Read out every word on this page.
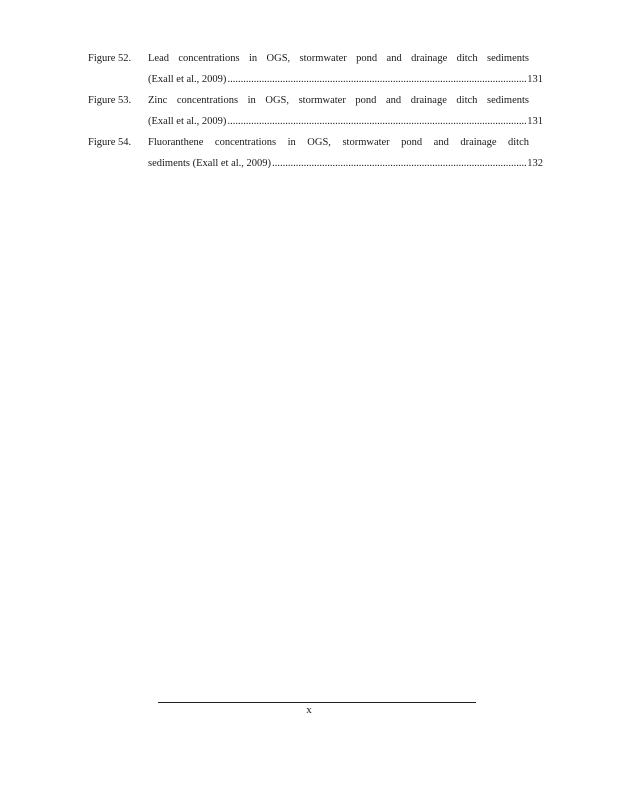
Figure 52.	Lead concentrations in OGS, stormwater pond and drainage ditch sediments
(Exall et al., 2009) .....	131
Figure 53.	Zinc concentrations in OGS, stormwater pond and drainage ditch sediments
(Exall et al., 2009) .....	131
Figure 54.	Fluoranthene concentrations in OGS, stormwater pond and drainage ditch
sediments (Exall et al., 2009) .....	132
x
